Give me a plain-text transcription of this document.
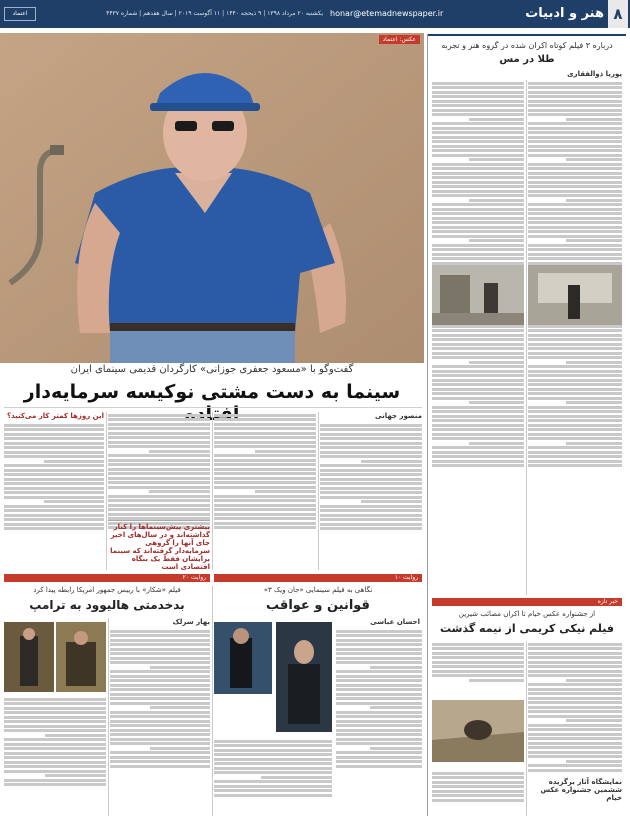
۸
هنر و ادبیات
honar@etemadnewspaper.ir
یکشنبه ۲۰ مرداد ۱۳۹۸ | ۹ ذیحجه ۱۴۴۰ | ۱۱ آگوست ۲۰۱۹ | سال هفدهم | شماره ۴۴۳۷
اعتماد
عکس: اعتماد
گفت‌وگو با «مسعود جعفری جوزانی» کارگردان قدیمی سینمای ایران
سینما به دست مشتی نوکیسه سرمایه‌دار
منصور جهانی
این روزها کمتر کار می‌کنید؟
بیشتری پیش‌سینماها را کنار گذاشته‌اند و در سال‌های اخیر جای آنها را گروهی سرمایه‌دار گرفته‌اند که سینما برایشان فقط یک بنگاه اقتصادی است
روایت ۱۰
روایت ۲۰
درباره ۳ فیلم کوتاه اکران شده در گروه هنر و تجربه
طلا در مس
پوریا ذوالفقاری
خبر تازه
از جشنواره عکس خیام تا اکران مصائب شیرین
فیلم نیکی کریمی از نیمه گذشت
نمایشگاه آثار برگزیده ششمین جشنواره عکس خیام
نگاهی به فیلم سینمایی «جان ویک ۳»
قوانین و عواقب
احسان عباسی
فیلم «شکار» با رییس جمهور امریکا رابطه پیدا کرد
بدخدمتی هالیوود به ترامپ
بهار سرلک
